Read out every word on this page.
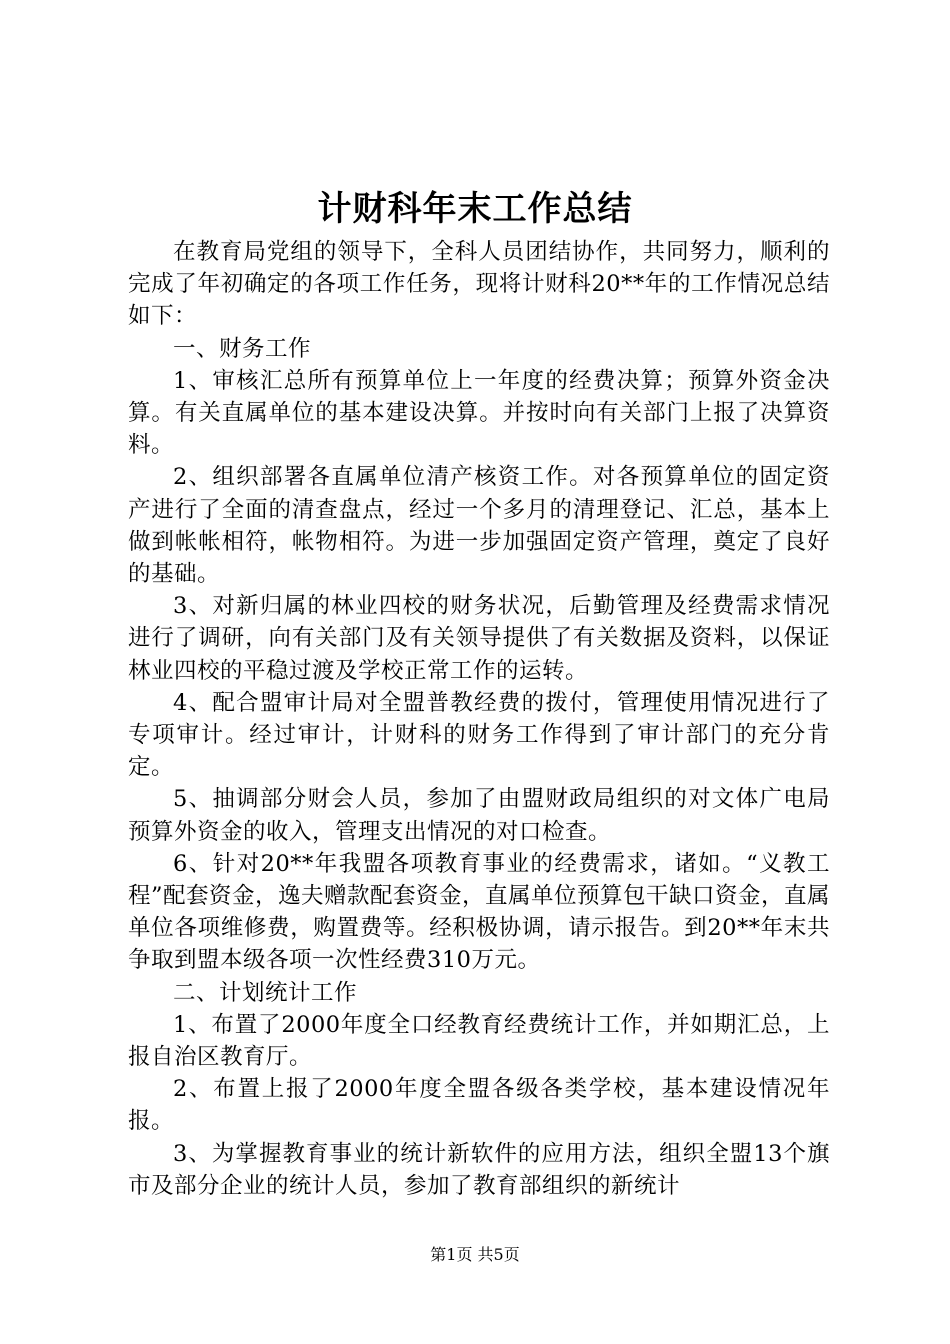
计财科年末工作总结

在教育局党组的领导下，全科人员团结协作，共同努力，顺利的完成了年初确定的各项工作任务，现将计财科20**年的工作情况总结如下：

一、财务工作

1、审核汇总所有预算单位上一年度的经费决算；预算外资金决算。有关直属单位的基本建设决算。并按时向有关部门上报了决算资料。

2、组织部署各直属单位清产核资工作。对各预算单位的固定资产进行了全面的清查盘点，经过一个多月的清理登记、汇总，基本上做到帐帐相符，帐物相符。为进一步加强固定资产管理，奠定了良好的基础。

3、对新归属的林业四校的财务状况，后勤管理及经费需求情况进行了调研，向有关部门及有关领导提供了有关数据及资料，以保证林业四校的平稳过渡及学校正常工作的运转。

4、配合盟审计局对全盟普教经费的拨付，管理使用情况进行了专项审计。经过审计，计财科的财务工作得到了审计部门的充分肯定。

5、抽调部分财会人员，参加了由盟财政局组织的对文体广电局预算外资金的收入，管理支出情况的对口检查。

6、针对20**年我盟各项教育事业的经费需求，诸如。“义教工程”配套资金，逸夫赠款配套资金，直属单位预算包干缺口资金，直属单位各项维修费，购置费等。经积极协调，请示报告。到20**年末共争取到盟本级各项一次性经费310万元。

二、计划统计工作

1、布置了2000年度全口经教育经费统计工作，并如期汇总，上报自治区教育厅。

2、布置上报了2000年度全盟各级各类学校，基本建设情况年报。

3、为掌握教育事业的统计新软件的应用方法，组织全盟13个旗市及部分企业的统计人员，参加了教育部组织的新统计

第1页 共5页
